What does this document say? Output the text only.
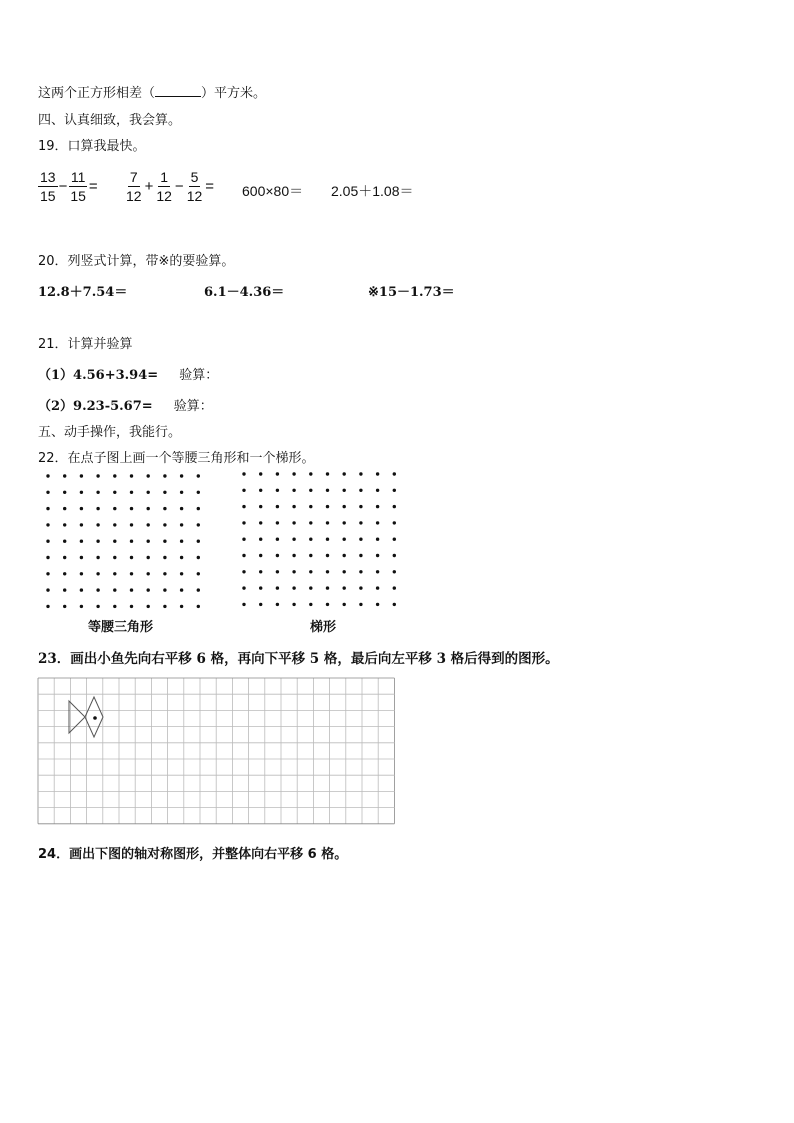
这两个正方形相差（	）平方米。
四、认真细致，我会算。
19．口算我最快。
$\frac{13}{15} - \frac{11}{15} = \frac{7}{12} + \frac{1}{12} - \frac{5}{12} = 600\times 80= 2.05+1.08=$
20．列竖式计算，带※的要验算。
12.8＋7.54＝	6.1－4.36＝	※15－1.73＝
21．计算并验算
（1）4.56+3.94= 验算：
（2）9.23-5.67= 验算：
五、动手操作，我能行。
22．在点子图上画一个等腰三角形和一个梯形。
等腰三角形	梯形
23．画出小鱼先向右平移 6 格，再向下平移 5 格，最后向左平移 3 格后得到的图形。
24．画出下图的轴对称图形，并整体向右平移 6 格。
